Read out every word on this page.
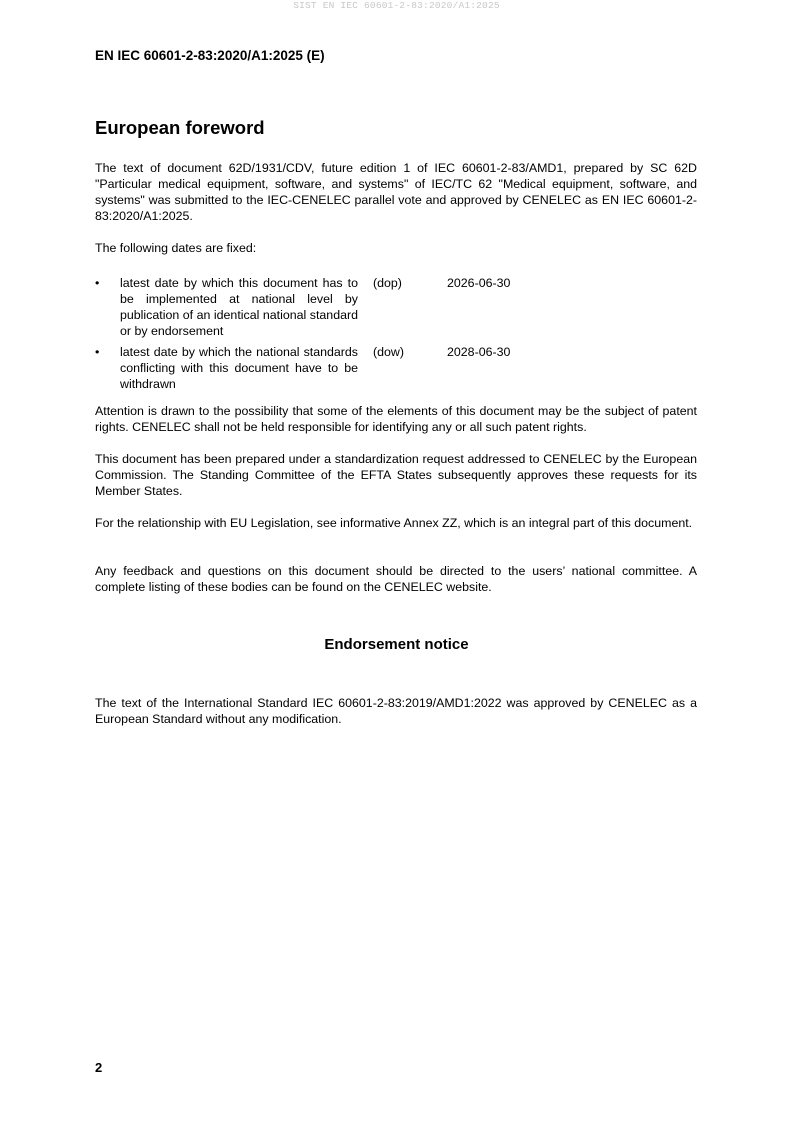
SIST EN IEC 60601-2-83:2020/A1:2025
EN IEC 60601-2-83:2020/A1:2025 (E)
European foreword

The text of document 62D/1931/CDV, future edition 1 of IEC 60601-2-83/AMD1, prepared by SC 62D "Particular medical equipment, software, and systems" of IEC/TC 62 "Medical equipment, software, and systems" was submitted to the IEC-CENELEC parallel vote and approved by CENELEC as EN IEC 60601-2-83:2020/A1:2025.

The following dates are fixed:

• latest date by which this document has to be implemented at national level by publication of an identical national standard or by endorsement
(dop)	2026-06-30
• latest date by which the national standards conflicting with this document have to be withdrawn
(dow)	2028-06-30

Attention is drawn to the possibility that some of the elements of this document may be the subject of patent rights. CENELEC shall not be held responsible for identifying any or all such patent rights.

This document has been prepared under a standardization request addressed to CENELEC by the European Commission. The Standing Committee of the EFTA States subsequently approves these requests for its Member States.

For the relationship with EU Legislation, see informative Annex ZZ, which is an integral part of this document.

Any feedback and questions on this document should be directed to the users’ national committee. A complete listing of these bodies can be found on the CENELEC website.

Endorsement notice

The text of the International Standard IEC 60601-2-83:2019/AMD1:2022 was approved by CENELEC as a European Standard without any modification.

2
